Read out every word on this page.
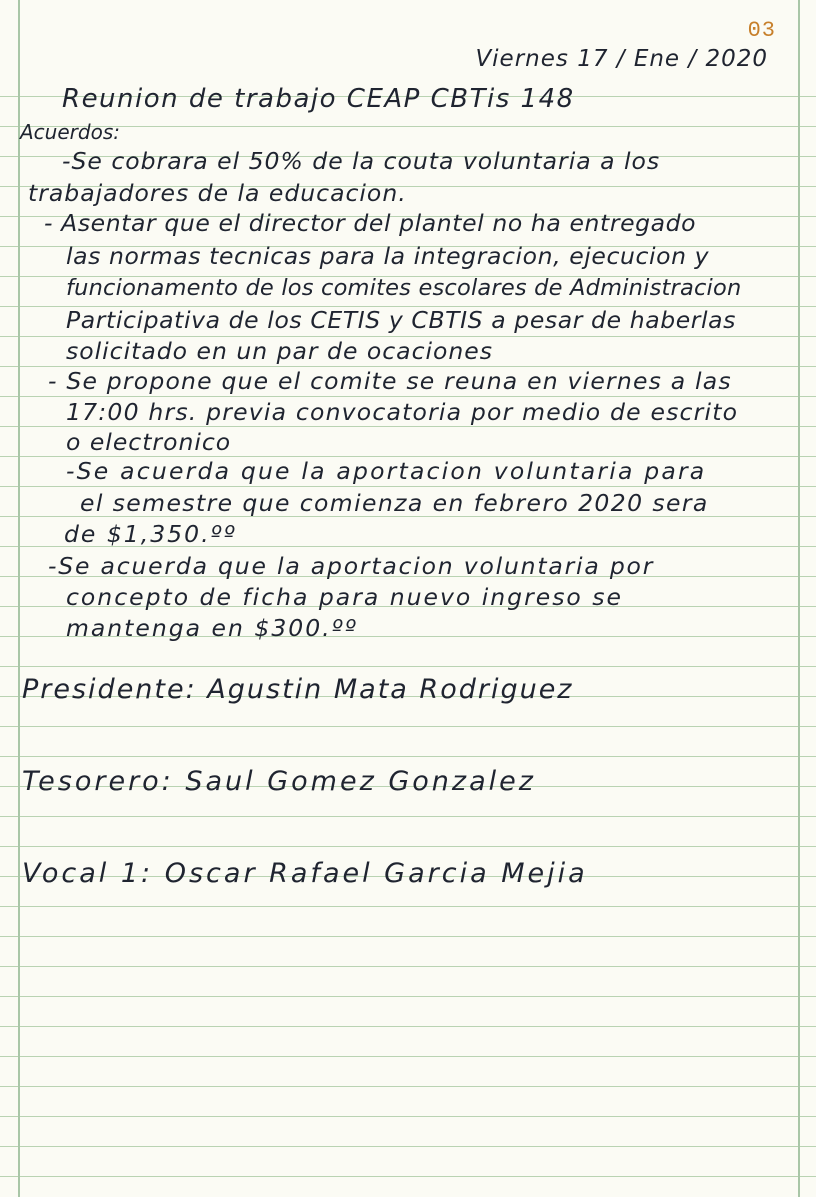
03
Viernes 17 / Ene / 2020
Reunion de trabajo CEAP CBTis 148
Acuerdos:
-Se cobrara el 50% de la couta voluntaria a los
trabajadores de la educacion.
- Asentar que el director del plantel no ha entregado
las normas tecnicas para la integracion, ejecucion y
funcionamento de los comites escolares de Administracion
Participativa de los CETIS y CBTIS a pesar de haberlas
solicitado en un par de ocaciones
- Se propone que el comite se reuna en viernes a las
17:00 hrs. previa convocatoria por medio de escrito
o electronico
-Se acuerda que la aportacion voluntaria para
el semestre que comienza en febrero 2020 sera
de $1,350.ºº
-Se acuerda que la aportacion voluntaria por
concepto de ficha para nuevo ingreso se
mantenga en $300.ºº
Presidente: Agustin Mata Rodriguez
Tesorero: Saul Gomez Gonzalez
Vocal 1: Oscar Rafael Garcia Mejia
